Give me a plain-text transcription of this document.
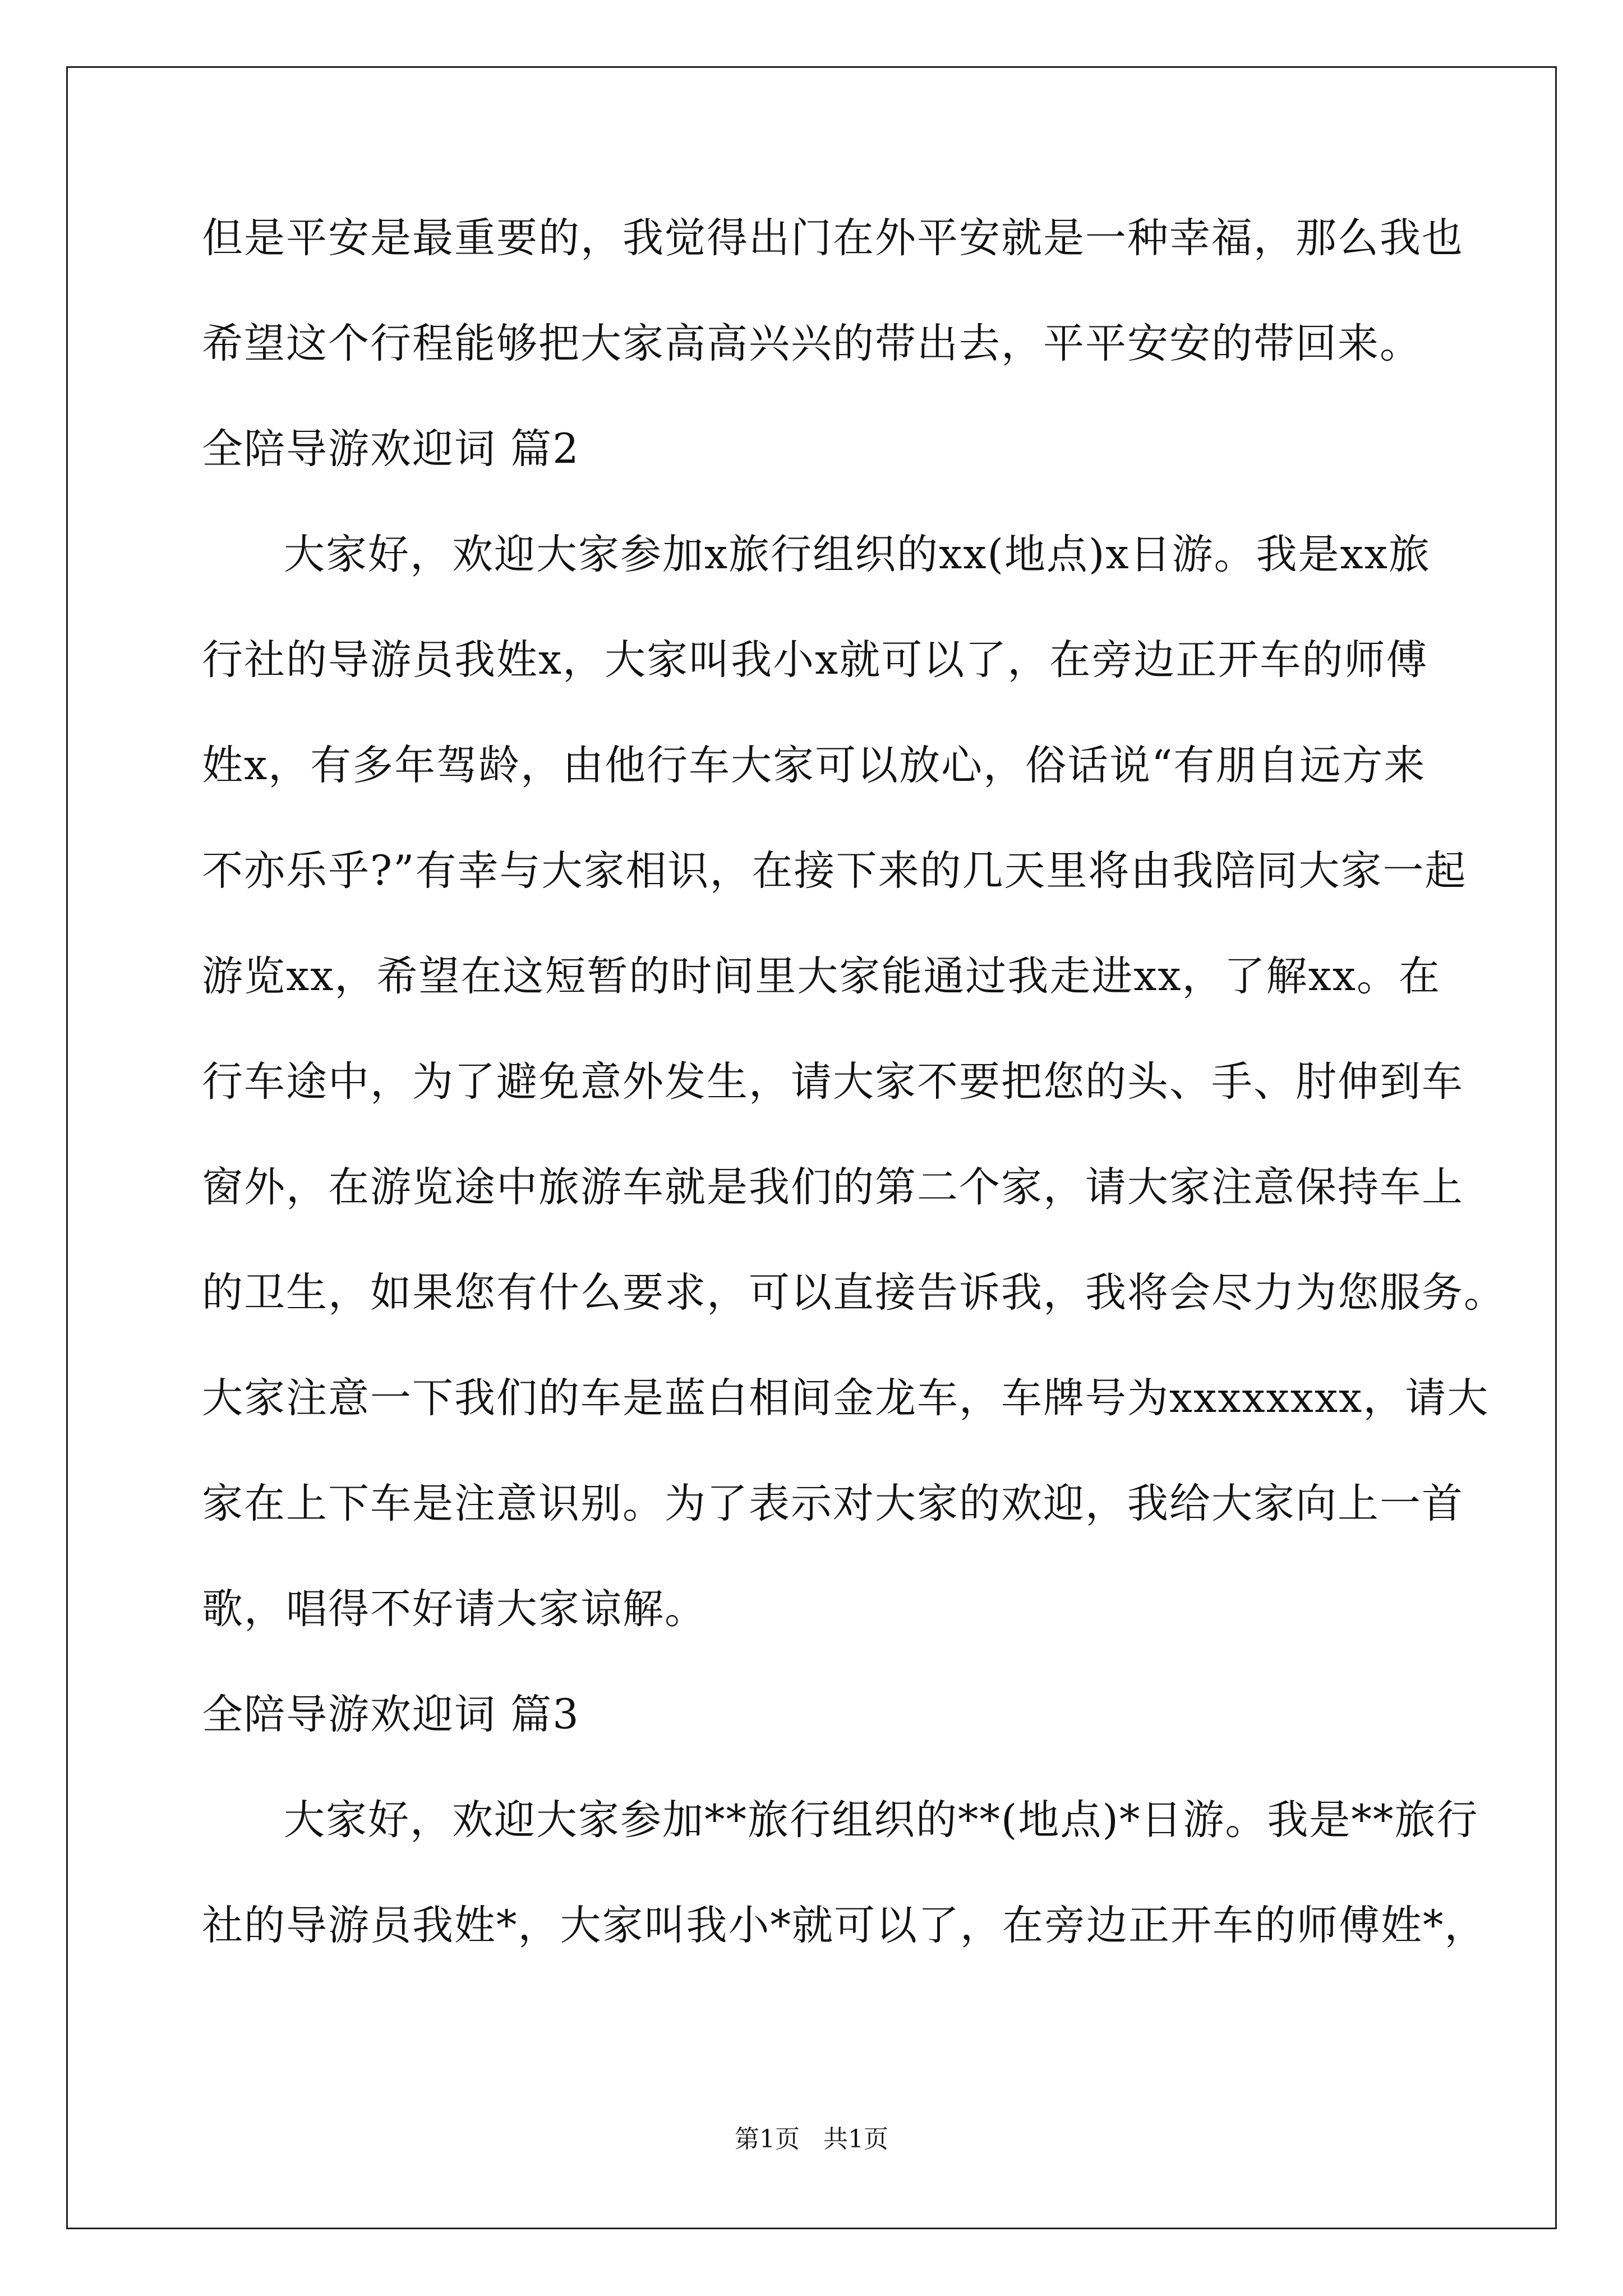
但是平安是最重要的，我觉得出门在外平安就是一种幸福，那么我也
希望这个行程能够把大家高高兴兴的带出去，平平安安的带回来。
全陪导游欢迎词 篇2
大家好，欢迎大家参加x旅行组织的xx(地点)x日游。我是xx旅
行社的导游员我姓x，大家叫我小x就可以了，在旁边正开车的师傅
姓x，有多年驾龄，由他行车大家可以放心，俗话说“有朋自远方来
不亦乐乎?”有幸与大家相识，在接下来的几天里将由我陪同大家一起
游览xx，希望在这短暂的时间里大家能通过我走进xx，了解xx。在
行车途中，为了避免意外发生，请大家不要把您的头、手、肘伸到车
窗外，在游览途中旅游车就是我们的第二个家，请大家注意保持车上
的卫生，如果您有什么要求，可以直接告诉我，我将会尽力为您服务。
大家注意一下我们的车是蓝白相间金龙车，车牌号为xxxxxxxx，请大
家在上下车是注意识别。为了表示对大家的欢迎，我给大家向上一首
歌，唱得不好请大家谅解。
全陪导游欢迎词 篇3
大家好，欢迎大家参加**旅行组织的**(地点)*日游。我是**旅行
社的导游员我姓*，大家叫我小*就可以了，在旁边正开车的师傅姓*，
第1页   共1页
